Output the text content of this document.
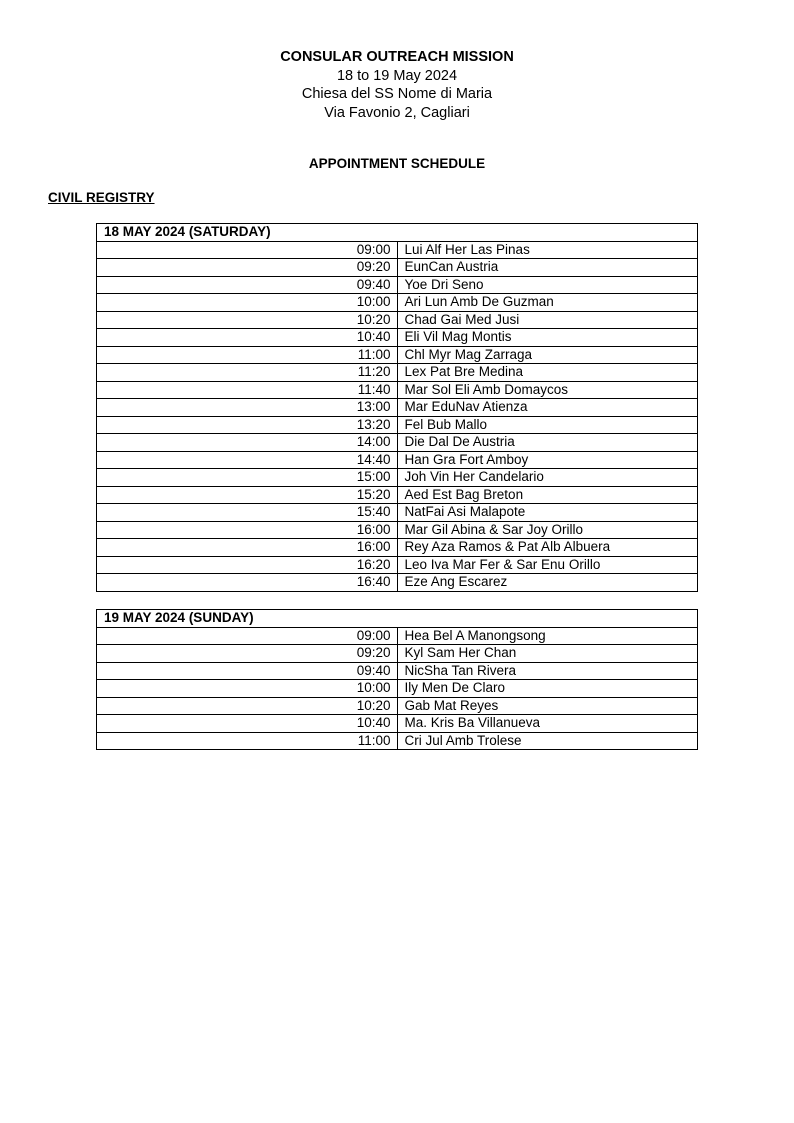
CONSULAR OUTREACH MISSION
18 to 19 May 2024
Chiesa del SS Nome di Maria
Via Favonio 2, Cagliari
APPOINTMENT SCHEDULE
CIVIL REGISTRY
18 MAY 2024 (SATURDAY)	
09:00	Lui Alf Her Las Pinas
09:20	EunCan Austria
09:40	Yoe Dri Seno
10:00	Ari Lun Amb De Guzman
10:20	Chad Gai Med Jusi
10:40	Eli Vil Mag Montis
11:00	Chl Myr Mag Zarraga
11:20	Lex Pat Bre Medina
11:40	Mar Sol Eli Amb Domaycos
13:00	Mar EduNav Atienza
13:20	Fel Bub Mallo
14:00	Die Dal De Austria
14:40	Han Gra Fort Amboy
15:00	Joh Vin Her Candelario
15:20	Aed Est Bag Breton
15:40	NatFai Asi Malapote
16:00	Mar Gil Abina & Sar Joy Orillo
16:00	Rey Aza Ramos & Pat Alb Albuera
16:20	Leo Iva Mar Fer & Sar Enu Orillo
16:40	Eze Ang Escarez
19 MAY 2024 (SUNDAY)	
09:00	Hea Bel A Manongsong
09:20	Kyl Sam Her Chan
09:40	NicSha Tan Rivera
10:00	Ily Men De Claro
10:20	Gab Mat Reyes
10:40	Ma. Kris Ba Villanueva
11:00	Cri Jul Amb Trolese
